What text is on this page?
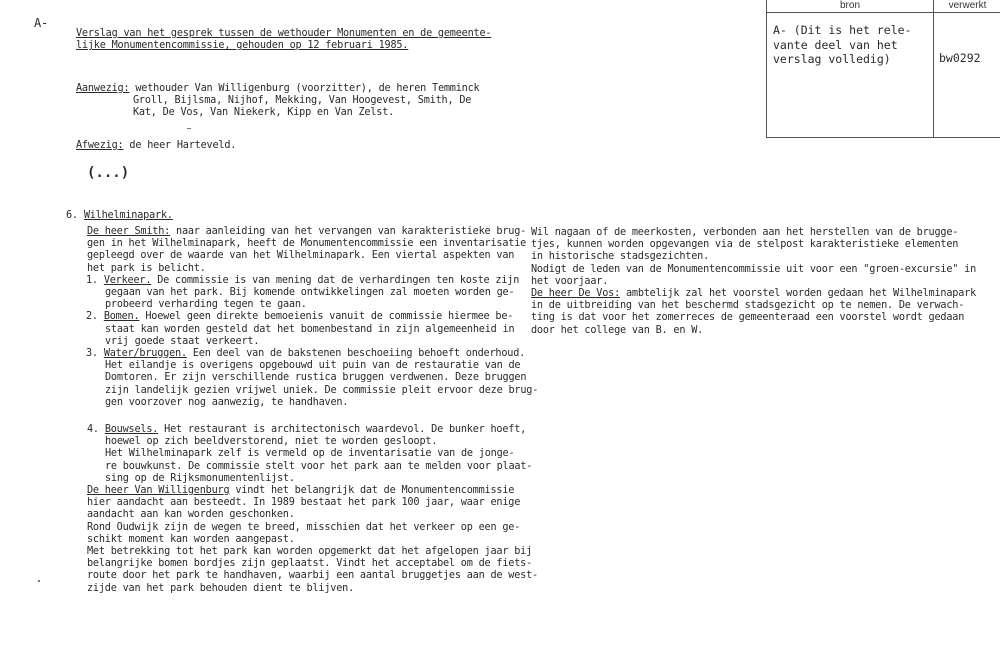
A-
Verslag van het gesprek tussen de wethouder Monumenten en de gemeente-
lijke Monumentencommissie, gehouden op 12 februari 1985.
Aanwezig: wethouder Van Willigenburg (voorzitter), de heren Temminck
Groll, Bijlsma, Nijhof, Mekking, Van Hoogevest, Smith, De
Kat, De Vos, Van Niekerk, Kipp en Van Zelst.
Afwezig: de heer Harteveld.
(...)
bron	verwerkt
A- (Dit is het rele-
vante deel van het
verslag volledig)	bw0292
6. Wilhelminapark.
De heer Smith: naar aanleiding van het vervangen van karakteristieke brug-
gen in het Wilhelminapark, heeft de Monumentencommissie een inventarisatie
gepleegd over de waarde van het Wilhelminapark. Een viertal aspekten van
het park is belicht.
1. Verkeer. De commissie is van mening dat de verhardingen ten koste zijn
gegaan van het park. Bij komende ontwikkelingen zal moeten worden ge-
probeerd verharding tegen te gaan.
2. Bomen. Hoewel geen direkte bemoeienis vanuit de commissie hiermee be-
staat kan worden gesteld dat het bomenbestand in zijn algemeenheid in
vrij goede staat verkeert.
3. Water/bruggen. Een deel van de bakstenen beschoeiing behoeft onderhoud.
Het eilandje is overigens opgebouwd uit puin van de restauratie van de
Domtoren. Er zijn verschillende rustica bruggen verdwenen. Deze bruggen
zijn landelijk gezien vrijwel uniek. De commissie pleit ervoor deze brug-
gen voorzover nog aanwezig, te handhaven.
4. Bouwsels. Het restaurant is architectonisch waardevol. De bunker hoeft,
hoewel op zich beeldverstorend, niet te worden gesloopt.
Het Wilhelminapark zelf is vermeld op de inventarisatie van de jonge-
re bouwkunst. De commissie stelt voor het park aan te melden voor plaat-
sing op de Rijksmonumentenlijst.
De heer Van Willigenburg vindt het belangrijk dat de Monumentencommissie
hier aandacht aan besteedt. In 1989 bestaat het park 100 jaar, waar enige
aandacht aan kan worden geschonken.
Rond Oudwijk zijn de wegen te breed, misschien dat het verkeer op een ge-
schikt moment kan worden aangepast.
Met betrekking tot het park kan worden opgemerkt dat het afgelopen jaar bij
belangrijke bomen bordjes zijn geplaatst. Vindt het acceptabel om de fiets-
route door het park te handhaven, waarbij een aantal bruggetjes aan de west-
zijde van het park behouden dient te blijven.
Wil nagaan of de meerkosten, verbonden aan het herstellen van de brugge-
tjes, kunnen worden opgevangen via de stelpost karakteristieke elementen
in historische stadsgezichten.
Nodigt de leden van de Monumentencommissie uit voor een "groen-excursie" in
het voorjaar.
De heer De Vos: ambtelijk zal het voorstel worden gedaan het Wilhelminapark
in de uitbreiding van het beschermd stadsgezicht op te nemen. De verwach-
ting is dat voor het zomerreces de gemeenteraad een voorstel wordt gedaan
door het college van B. en W.
